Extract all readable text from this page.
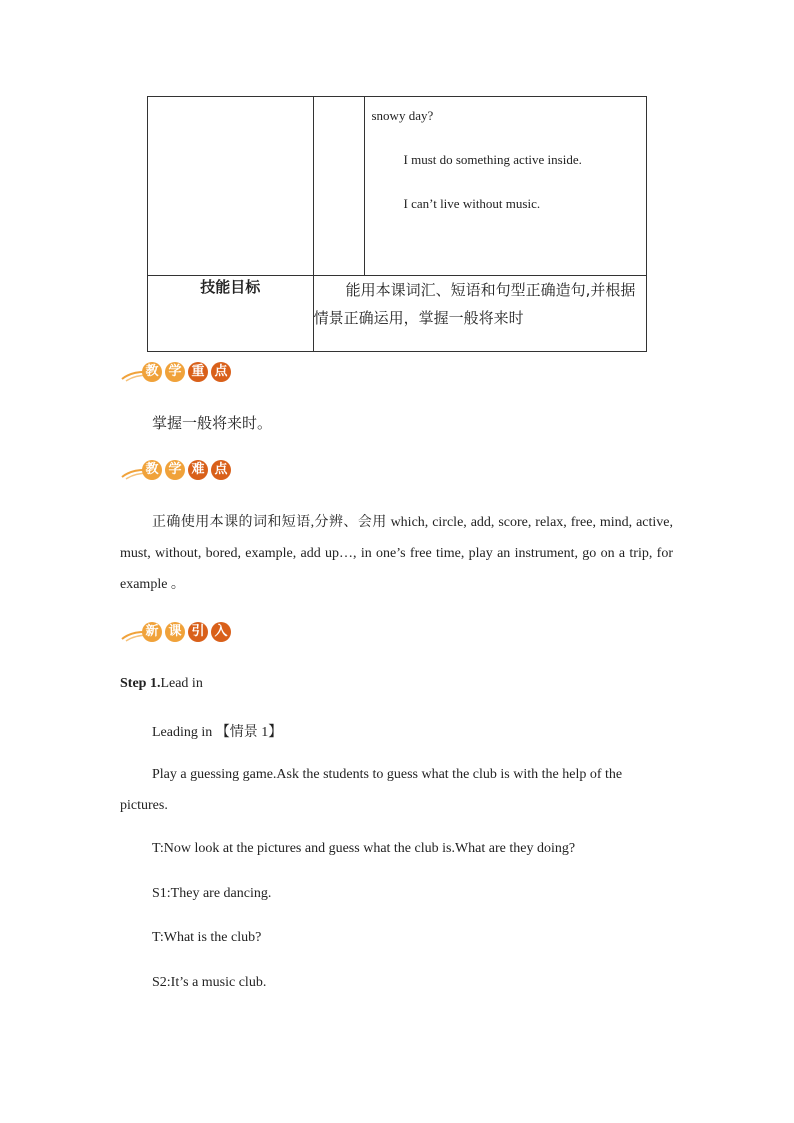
		snowy day?

I must do something active inside.

I can’t live without music.

技能目标	能用本课词汇、短语和句型正确造句,并根据情景正确运用，掌握一般将来时	
教 学 重 点
掌握一般将来时。
教 学 难 点
正确使用本课的词和短语,分辨、会用 which, circle, add, score, relax, free, mind, active, must, without, bored, example, add up…, in one’s free time, play an instrument, go on a trip, for example 。
新 课 引 入
Step 1.Lead in
Leading in 【情景 1】
Play a guessing game.Ask the students to guess what the club is with the help of the pictures.
T:Now look at the pictures and guess what the club is.What are they doing?
S1:They are dancing.
T:What is the club?
S2:It’s a music club.
